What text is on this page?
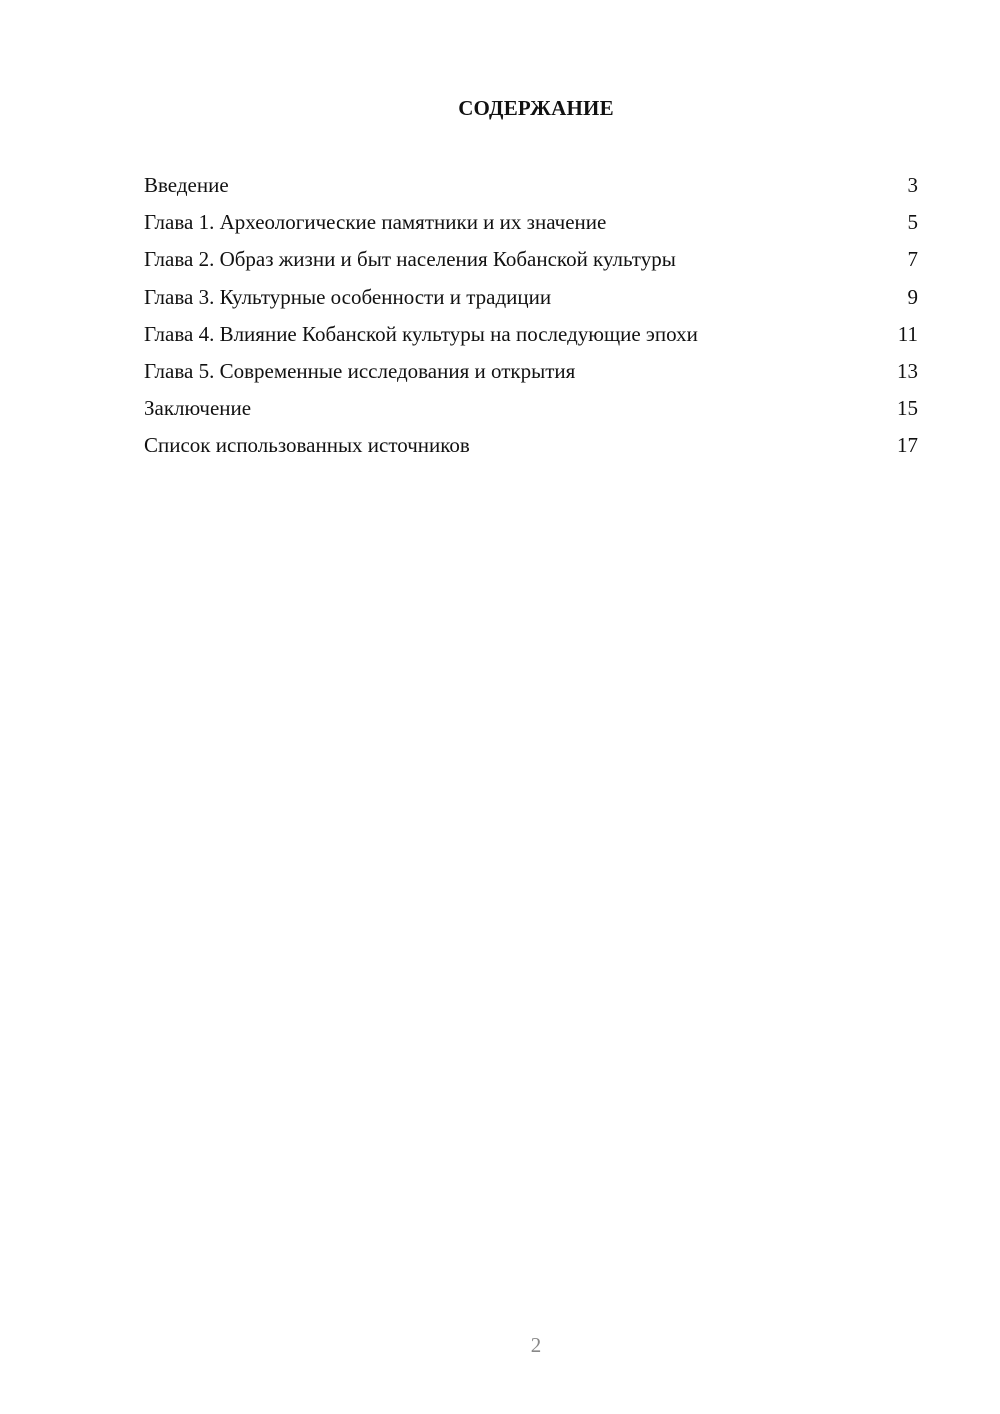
СОДЕРЖАНИЕ
Введение	3
Глава 1. Археологические памятники и их значение	5
Глава 2. Образ жизни и быт населения Кобанской культуры	7
Глава 3. Культурные особенности и традиции	9
Глава 4. Влияние Кобанской культуры на последующие эпохи	11
Глава 5. Современные исследования и открытия	13
Заключение	15
Список использованных источников	17
2
